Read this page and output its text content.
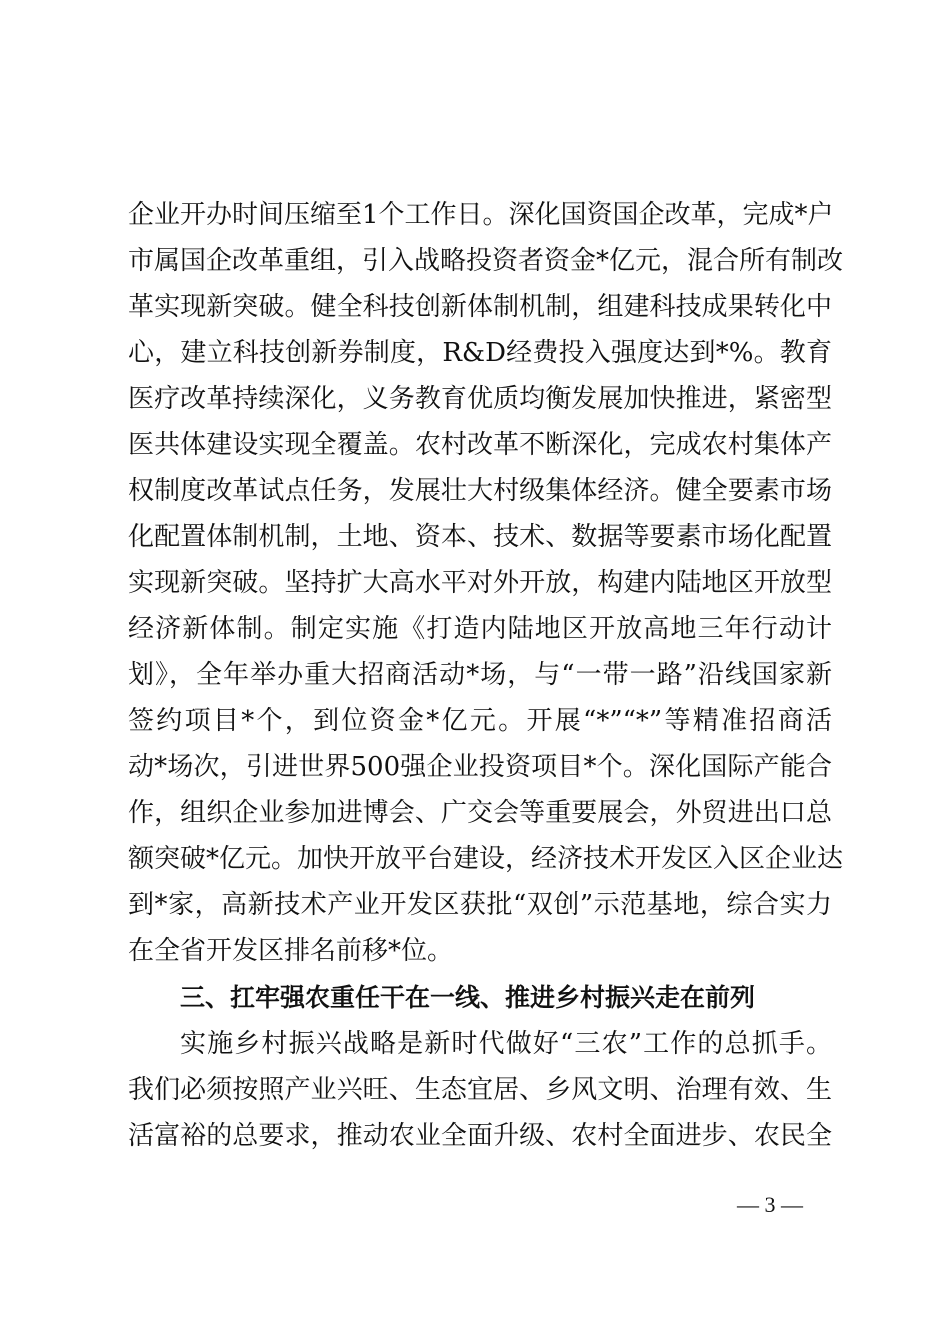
企业开办时间压缩至1个工作日。深化国资国企改革，完成*户
市属国企改革重组，引入战略投资者资金*亿元，混合所有制改
革实现新突破。健全科技创新体制机制，组建科技成果转化中
心，建立科技创新券制度，R&D经费投入强度达到*%。教育
医疗改革持续深化，义务教育优质均衡发展加快推进，紧密型
医共体建设实现全覆盖。农村改革不断深化，完成农村集体产
权制度改革试点任务，发展壮大村级集体经济。健全要素市场
化配置体制机制，土地、资本、技术、数据等要素市场化配置
实现新突破。坚持扩大高水平对外开放，构建内陆地区开放型
经济新体制。制定实施《打造内陆地区开放高地三年行动计
划》，全年举办重大招商活动*场，与“一带一路”沿线国家新
签约项目*个，到位资金*亿元。开展“*”“*”等精准招商活
动*场次，引进世界500强企业投资项目*个。深化国际产能合
作，组织企业参加进博会、广交会等重要展会，外贸进出口总
额突破*亿元。加快开放平台建设，经济技术开发区入区企业达
到*家，高新技术产业开发区获批“双创”示范基地，综合实力
在全省开发区排名前移*位。
三、扛牢强农重任干在一线、推进乡村振兴走在前列
实施乡村振兴战略是新时代做好“三农”工作的总抓手。
我们必须按照产业兴旺、生态宜居、乡风文明、治理有效、生
活富裕的总要求，推动农业全面升级、农村全面进步、农民全
— 3 —
